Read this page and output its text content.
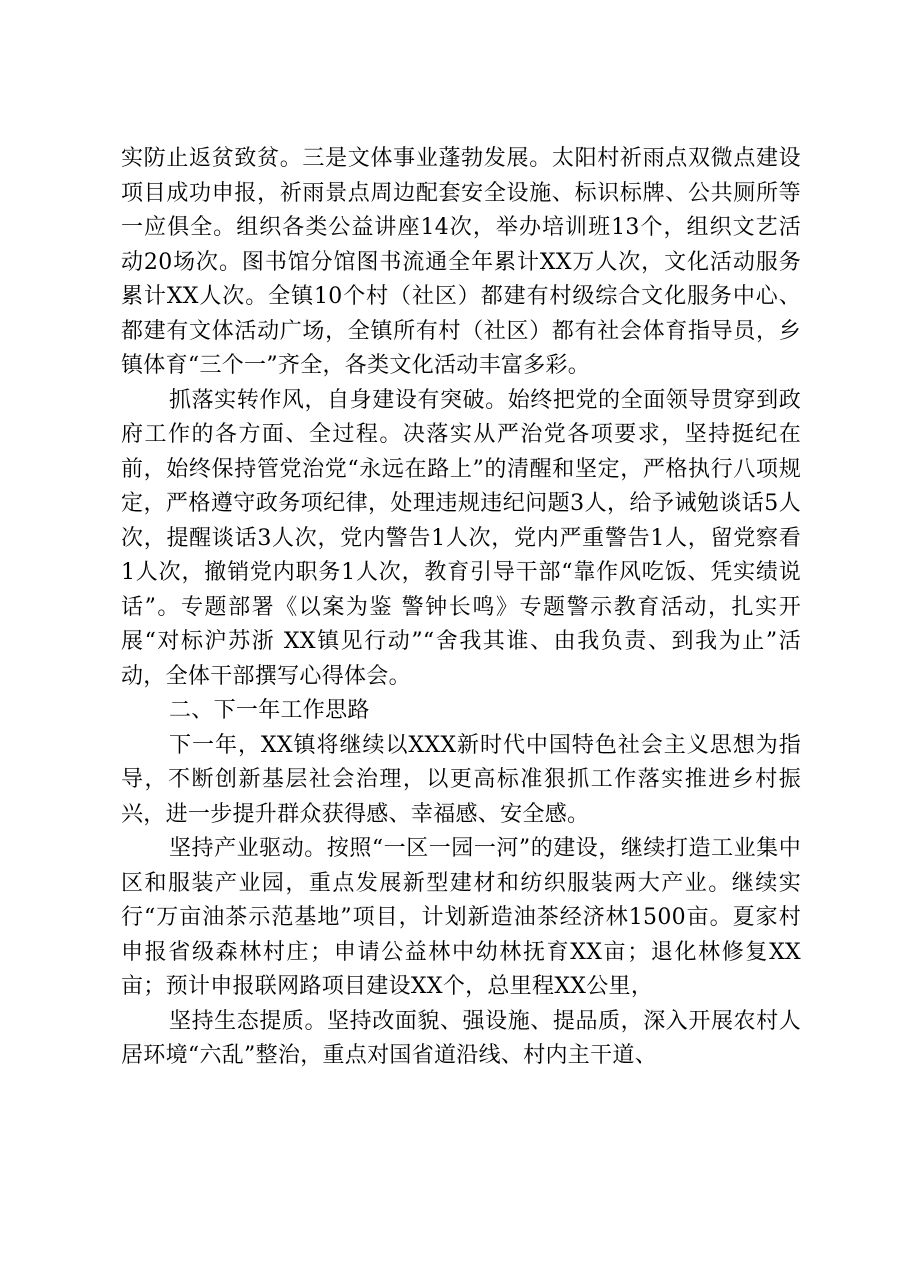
实防止返贫致贫。三是文体事业蓬勃发展。太阳村祈雨点双微点建设项目成功申报，祈雨景点周边配套安全设施、标识标牌、公共厕所等一应俱全。组织各类公益讲座14次，举办培训班13个，组织文艺活动20场次。图书馆分馆图书流通全年累计XX万人次，文化活动服务累计XX人次。全镇10个村（社区）都建有村级综合文化服务中心、都建有文体活动广场，全镇所有村（社区）都有社会体育指导员，乡镇体育“三个一”齐全，各类文化活动丰富多彩。

抓落实转作风，自身建设有突破。始终把党的全面领导贯穿到政府工作的各方面、全过程。决落实从严治党各项要求，坚持挺纪在前，始终保持管党治党“永远在路上”的清醒和坚定，严格执行八项规定，严格遵守政务项纪律，处理违规违纪问题3人，给予诫勉谈话5人次，提醒谈话3人次，党内警告1人次，党内严重警告1人，留党察看1人次，撤销党内职务1人次，教育引导干部“靠作风吃饭、凭实绩说话”。专题部署《以案为鉴 警钟长鸣》专题警示教育活动，扎实开展“对标沪苏浙 XX镇见行动”“舍我其谁、由我负责、到我为止”活动，全体干部撰写心得体会。

二、下一年工作思路

下一年，XX镇将继续以XXX新时代中国特色社会主义思想为指导，不断创新基层社会治理，以更高标准狠抓工作落实推进乡村振兴，进一步提升群众获得感、幸福感、安全感。

坚持产业驱动。按照“一区一园一河”的建设，继续打造工业集中区和服装产业园，重点发展新型建材和纺织服装两大产业。继续实行“万亩油茶示范基地”项目，计划新造油茶经济林1500亩。夏家村申报省级森林村庄；申请公益林中幼林抚育XX亩；退化林修复XX亩；预计申报联网路项目建设XX个，总里程XX公里，

坚持生态提质。坚持改面貌、强设施、提品质，深入开展农村人居环境“六乱”整治，重点对国省道沿线、村内主干道、
